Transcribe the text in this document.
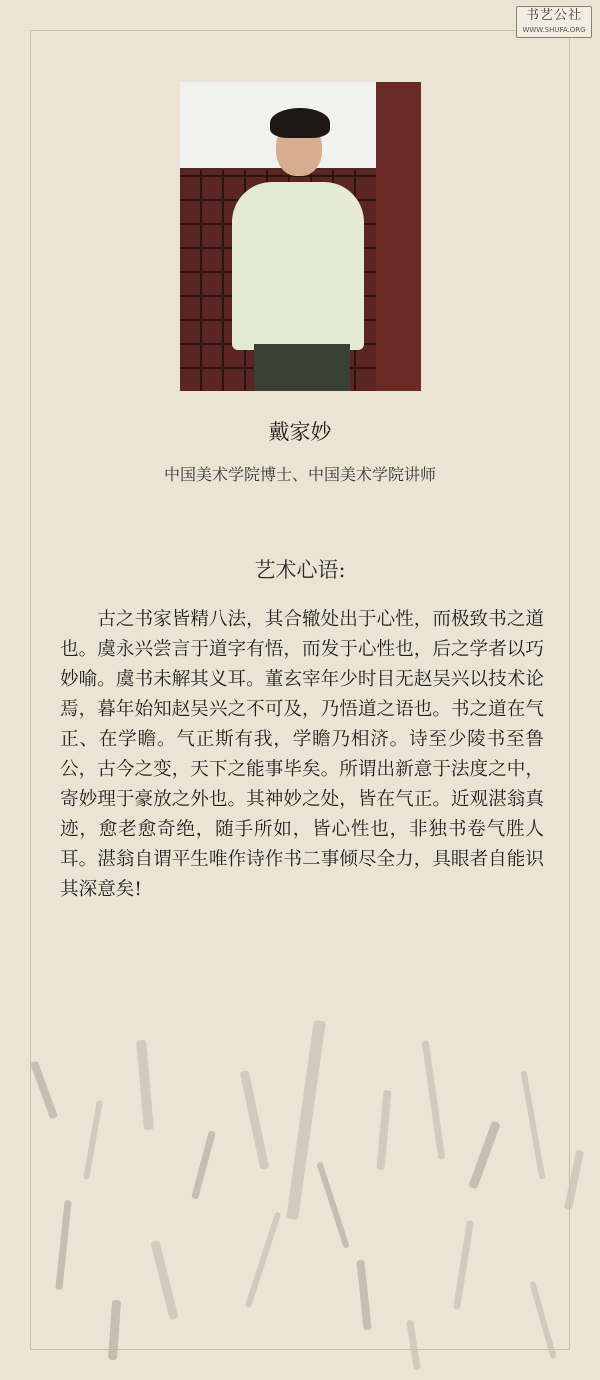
书艺公社
WWW.SHUFA.ORG
戴家妙
中国美术学院博士、中国美术学院讲师
艺术心语:
　　古之书家皆精八法，其合辙处出于心性，而极致书之道也。虞永兴尝言于道字有悟，而发于心性也，后之学者以巧妙喻。虞书未解其义耳。董玄宰年少时目无赵吴兴以技术论焉，暮年始知赵吴兴之不可及，乃悟道之语也。书之道在气正、在学瞻。气正斯有我，学瞻乃相济。诗至少陵书至鲁公，古今之变，天下之能事毕矣。所谓出新意于法度之中，寄妙理于豪放之外也。其神妙之处，皆在气正。近观湛翁真迹，愈老愈奇绝，随手所如，皆心性也，非独书卷气胜人耳。湛翁自谓平生唯作诗作书二事倾尽全力，具眼者自能识其深意矣!
